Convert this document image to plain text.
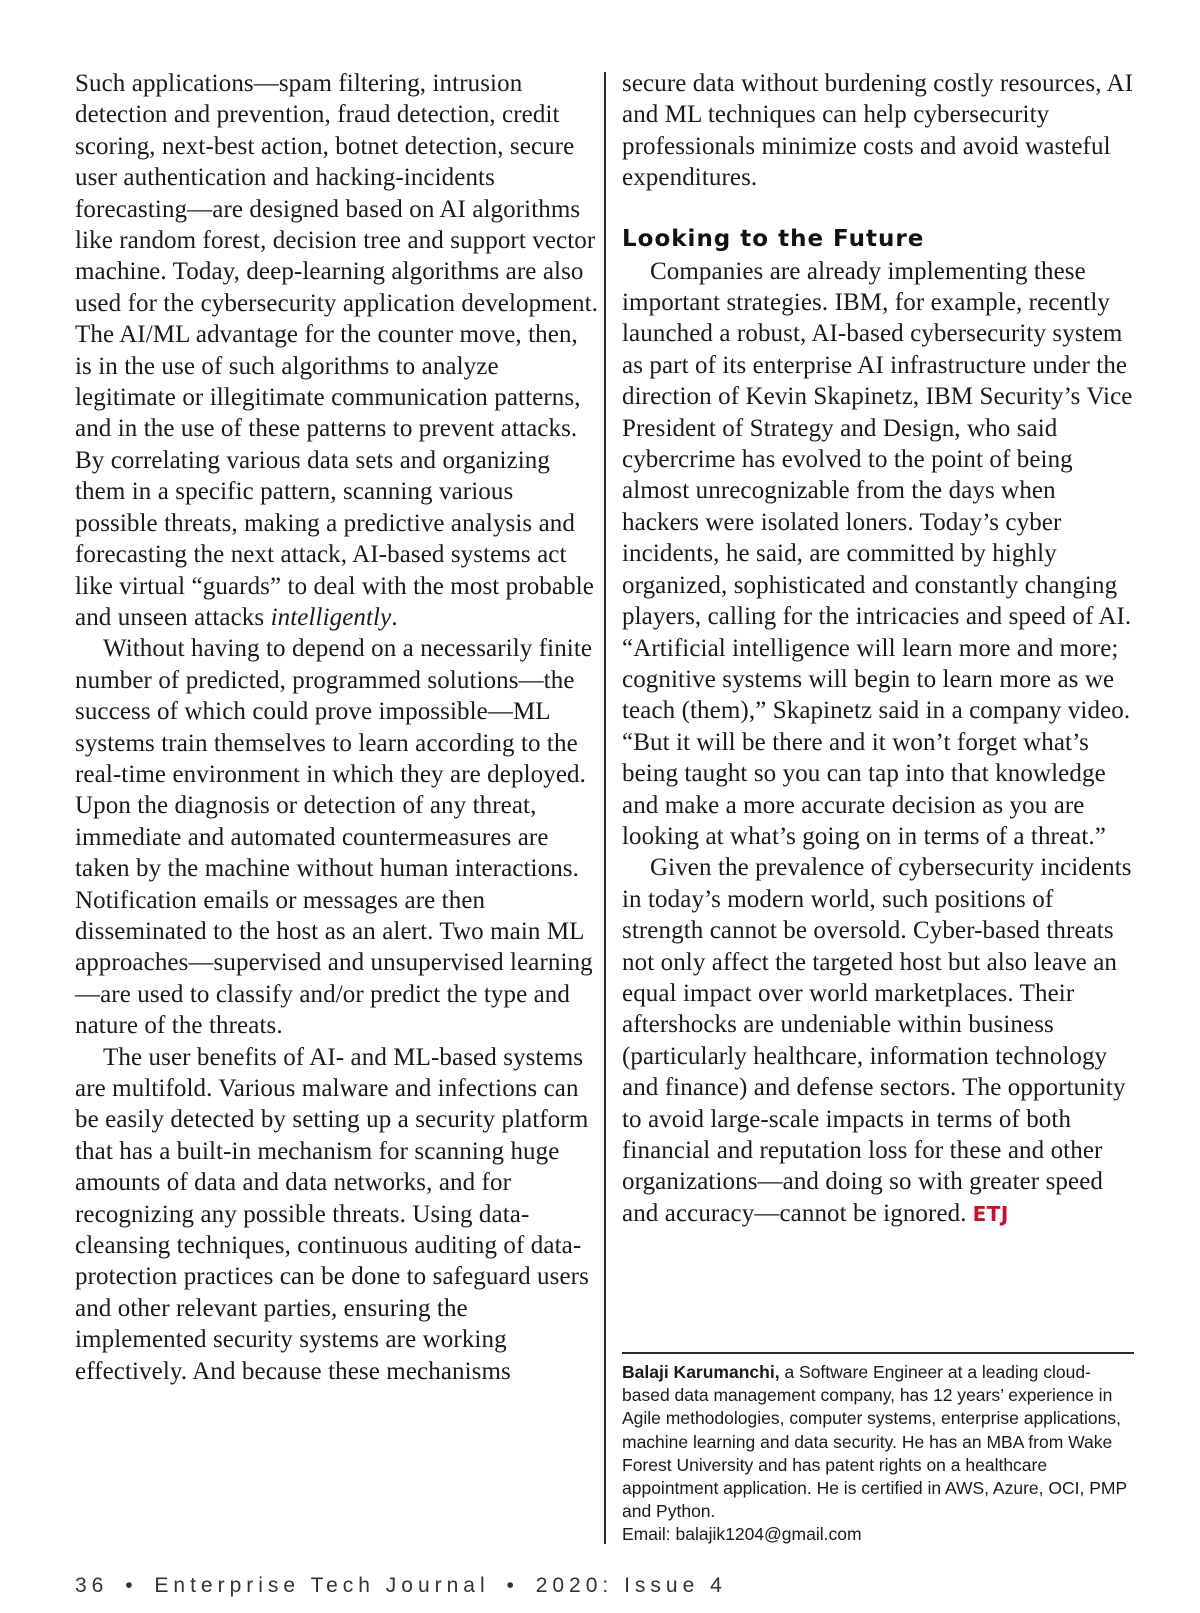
Such applications—spam filtering, intrusion detection and prevention, fraud detection, credit scoring, next-best action, botnet detection, secure user authentication and hacking-incidents forecasting—are designed based on AI algorithms like random forest, decision tree and support vector machine. Today, deep-learning algorithms are also used for the cybersecurity application development. The AI/ML advantage for the counter move, then, is in the use of such algorithms to analyze legitimate or illegitimate communication patterns, and in the use of these patterns to prevent attacks. By correlating various data sets and organizing them in a specific pattern, scanning various possible threats, making a predictive analysis and forecasting the next attack, AI-based systems act like virtual “guards” to deal with the most probable and unseen attacks intelligently.

Without having to depend on a necessarily finite number of predicted, programmed solutions—the success of which could prove impossible—ML systems train themselves to learn according to the real-time environment in which they are deployed. Upon the diagnosis or detection of any threat, immediate and automated countermeasures are taken by the machine without human interactions. Notification emails or messages are then disseminated to the host as an alert. Two main ML approaches—supervised and unsupervised learning—are used to classify and/or predict the type and nature of the threats.

The user benefits of AI- and ML-based systems are multifold. Various malware and infections can be easily detected by setting up a security platform that has a built-in mechanism for scanning huge amounts of data and data networks, and for recognizing any possible threats. Using data-cleansing techniques, continuous auditing of data-protection practices can be done to safeguard users and other relevant parties, ensuring the implemented security systems are working effectively. And because these mechanisms

secure data without burdening costly resources, AI and ML techniques can help cybersecurity professionals minimize costs and avoid wasteful expenditures.

Looking to the Future

Companies are already implementing these important strategies. IBM, for example, recently launched a robust, AI-based cybersecurity system as part of its enterprise AI infrastructure under the direction of Kevin Skapinetz, IBM Security’s Vice President of Strategy and Design, who said cybercrime has evolved to the point of being almost unrecognizable from the days when hackers were isolated loners. Today’s cyber incidents, he said, are committed by highly organized, sophisticated and constantly changing players, calling for the intricacies and speed of AI. “Artificial intelligence will learn more and more; cognitive systems will begin to learn more as we teach (them),” Skapinetz said in a company video. “But it will be there and it won’t forget what’s being taught so you can tap into that knowledge and make a more accurate decision as you are looking at what’s going on in terms of a threat.”

Given the prevalence of cybersecurity incidents in today’s modern world, such positions of strength cannot be oversold. Cyber-based threats not only affect the targeted host but also leave an equal impact over world marketplaces. Their aftershocks are undeniable within business (particularly healthcare, information technology and finance) and defense sectors. The opportunity to avoid large-scale impacts in terms of both financial and reputation loss for these and other organizations—and doing so with greater speed and accuracy—cannot be ignored. ETJ

Balaji Karumanchi, a Software Engineer at a leading cloud-based data management company, has 12 years’ experience in Agile methodologies, computer systems, enterprise applications, machine learning and data security. He has an MBA from Wake Forest University and has patent rights on a healthcare appointment application. He is certified in AWS, Azure, OCI, PMP and Python.

Email: balajik1204@gmail.com

36 • Enterprise Tech Journal • 2020: Issue 4
